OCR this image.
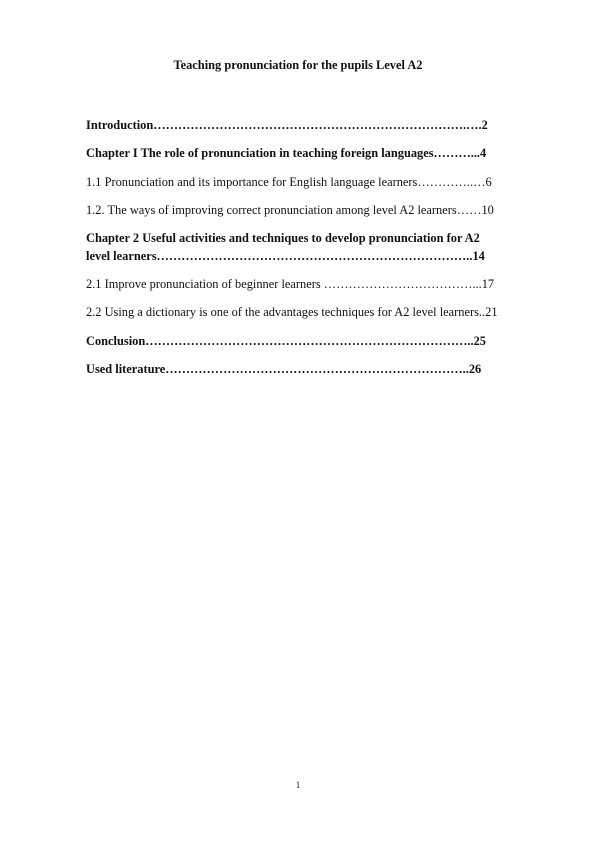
Teaching pronunciation for the pupils Level A2
Introduction………………………………………………………………….….2
Chapter I The role of pronunciation in teaching foreign languages………...4
1.1 Pronunciation and its importance for English language learners…………..…6
1.2. The ways of improving correct pronunciation among level A2 learners……10
Chapter 2 Useful activities and techniques to develop pronunciation for A2
level learners…………………………………………………………………..14
2.1 Improve pronunciation of beginner learners ………………………………...17
2.2 Using a dictionary is one of the advantages techniques for A2 level learners..21
Conclusion……………………………………………………………………..25
Used literature………………………………………………………………..26
1
